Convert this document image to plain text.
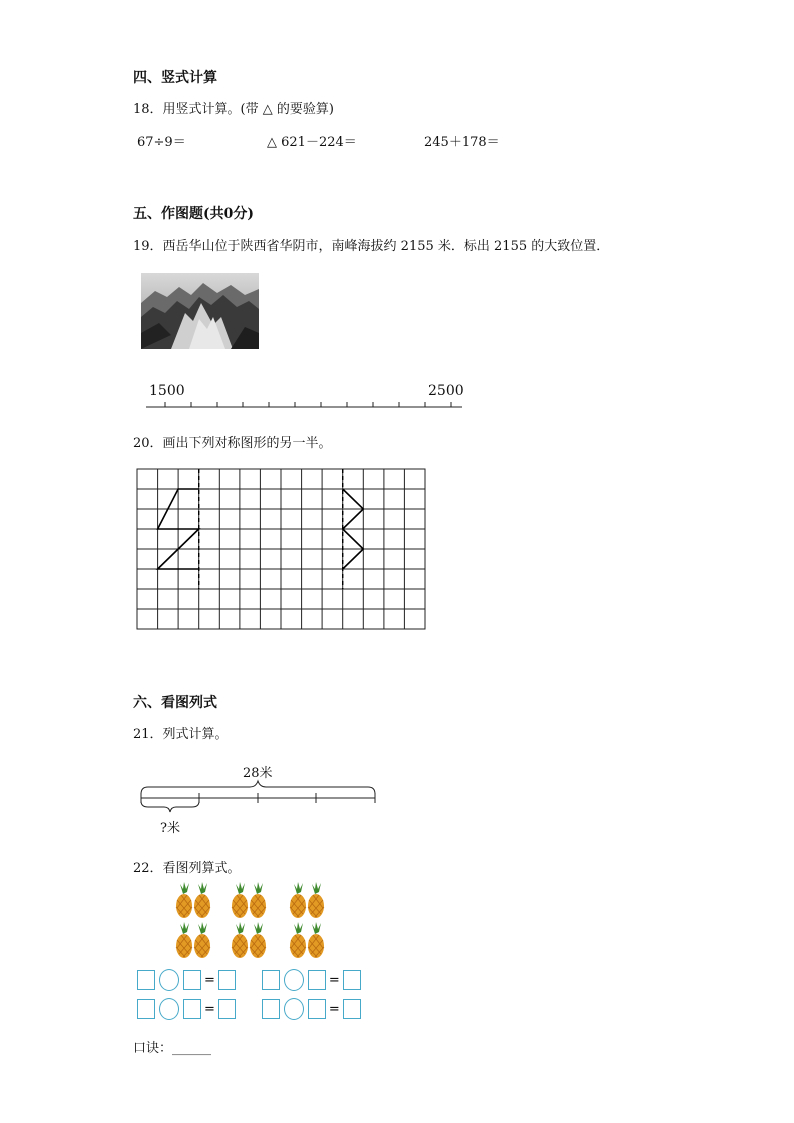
四、竖式计算
18．用竖式计算。(带 △ 的要验算)
67÷9＝	△ 621－224＝	245＋178＝
五、作图题(共0分)
19．西岳华山位于陕西省华阴市，南峰海拔约 2155 米．标出 2155 的大致位置．
1500	2500
20．画出下列对称图形的另一半。
六、看图列式
21．列式计算。
28米
?米
22．看图列算式。
=	=
=	=
口诀：______
